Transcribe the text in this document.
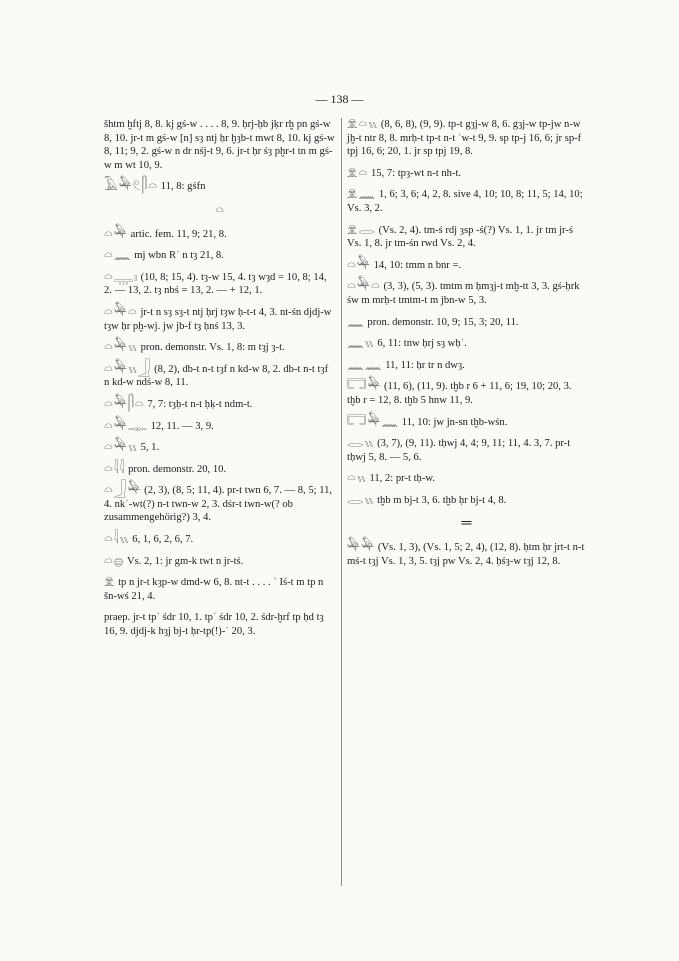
— 138 —
šhtm ḫftj 8, 8. kj gś-w . . . . 8, 9. ḥrj-ḥb jḳr rḫ pn gś-w 8, 10. jr-t m gś-w [n] sȝ ntj ḥr ḫȝb-t mwt 8, 10. kj gś-w 8, 11; 9, 2. gś-w n dr nśj-t 9, 6. jr-t ḥr śȝ pḫr-t tn m gś-w m wt 10, 9.
𓄿𓅆𓏲𓋴𓏏 11, 8: gśfn
𓏏
𓏏𓅆 artic. fem. 11, 9; 21, 8.
𓏏𓈖 mj wbn Rʿ n tȝ 21, 8.
𓏏𓇾𓏤 (10, 8; 15, 4). tȝ-w 15, 4. tȝ wȝd = 10, 8; 14, 2. — 13, 2. tȝ nbś = 13, 2. — + 12, 1.
𓏏𓅆𓏏 jr-t n sȝ sȝ-t ntj ḥrj tȝw ḥ-t-t 4, 3. nt-śn djdj-w tȝw ḥr pḫ-wj. jw jb-f tȝ ḥnś 13, 3.
𓏏𓅆𓏭 pron. demonstr. Vs. 1, 8: m tȝj ȝ-t.
𓏏𓅆𓏭𓃀 (8, 2), db-t n-t tȝf n kd-w 8, 2. db-t n-t tȝf n kd-w ndś-w 8, 11.
𓏏𓅆𓋴𓏏 7, 7: tȝḥ-t n-t ḥḳ-t ndm-t.
𓏏𓅆𓊃 12, 11. — 3, 9.
𓏏𓅆𓏭 5, 1.
𓏏𓇋𓇋 pron. demonstr. 20, 10.
𓏏𓃀𓅆 (2, 3), (8, 5; 11, 4). pr-t twn 6, 7. — 8, 5; 11, 4. nkʿ-wt(?) n-t twn-w 2, 3. dśr-t twn-w(? ob zusammengehörig?) 3, 4.
𓏏𓇋𓏭 6, 1, 6, 2, 6, 7.
𓏏𓐍 Vs. 2, 1: jr gm-k twt n jr-tś.
𓁷 tp n jr-t kȝp-w dmd-w 6, 8. nt-t . . . . ʾ Iś-t m tp n šn-wś 21, 4.
praep. jr-t tpʿ śdr 10, 1. tpʿ śdr 10, 2. śdr-ḫrf tp ḥd tȝ 16, 9. djdj-k hȝj bj-t ḥr-tp(!)-ʿ 20, 3.
𓁷𓏏𓏭 (8, 6, 8), (9, 9). tp-t gȝj-w 8, 6. gȝj-w tp-jw n-w jḫ-t ntr 8, 8. mrḥ-t tp-t n-t ʿw-t 9, 9. sp tp-j 16, 6; jr sp-f tpj 16, 6; 20, 1. jr sp tpj 19, 8.
𓁷𓏏 15, 7: tpȝ-wt n-t nh-t.
𓁷𓈖 1, 6; 3, 6; 4, 2, 8. sive 4, 10; 10, 8; 11, 5; 14, 10; Vs. 3, 2.
𓁷𓂋 (Vs. 2, 4). tm-ś rdj ȝsp -ś(?) Vs. 1, 1. jr tm jr-ś Vs. 1, 8. jr tm-śn rwd Vs. 2, 4.
𓏏𓅆 14, 10: tmm n bnr =.
𓏏𓅆𓏏 (3, 3), (5, 3). tmtm m ḥmȝj-t mḫ-tt 3, 3. gś-ḥrk św m mrḥ-t tmtm-t m jbn-w 5, 3.
𓈖 pron. demonstr. 10, 9; 15, 3; 20, 11.
𓈖𓏭 6, 11: tnw ḥrj sȝ wḥʿ.
𓈖𓈖 11, 11: ḥr tr n dwȝ.
𓉐𓅆 (11, 6), (11, 9). tḫb r 6 + 11, 6; 19, 10; 20, 3. tḫb r = 12, 8. tḫb 5 hnw 11, 9.
𓉐𓅆𓈖 11, 10: jw jn-sn tḫb-wśn.
𓂋𓏭 (3, 7), (9, 11). tḥwj 4, 4; 9, 11; 11, 4. 3, 7. pr-t tḥwj 5, 8. — 5, 6.
𓏏𓏭 11, 2: pr-t tḥ-w.
𓂋𓏭 tḫb m bj-t 3, 6. tḫb ḥr bj-t 4, 8.
═
𓅆𓅆 (Vs. 1, 3), (Vs. 1, 5; 2, 4), (12, 8). ḥtm ḥr jrt-t n-t mś-t tȝj Vs. 1, 3, 5. tȝj pw Vs. 2, 4. ḥśȝ-w tȝj 12, 8.
